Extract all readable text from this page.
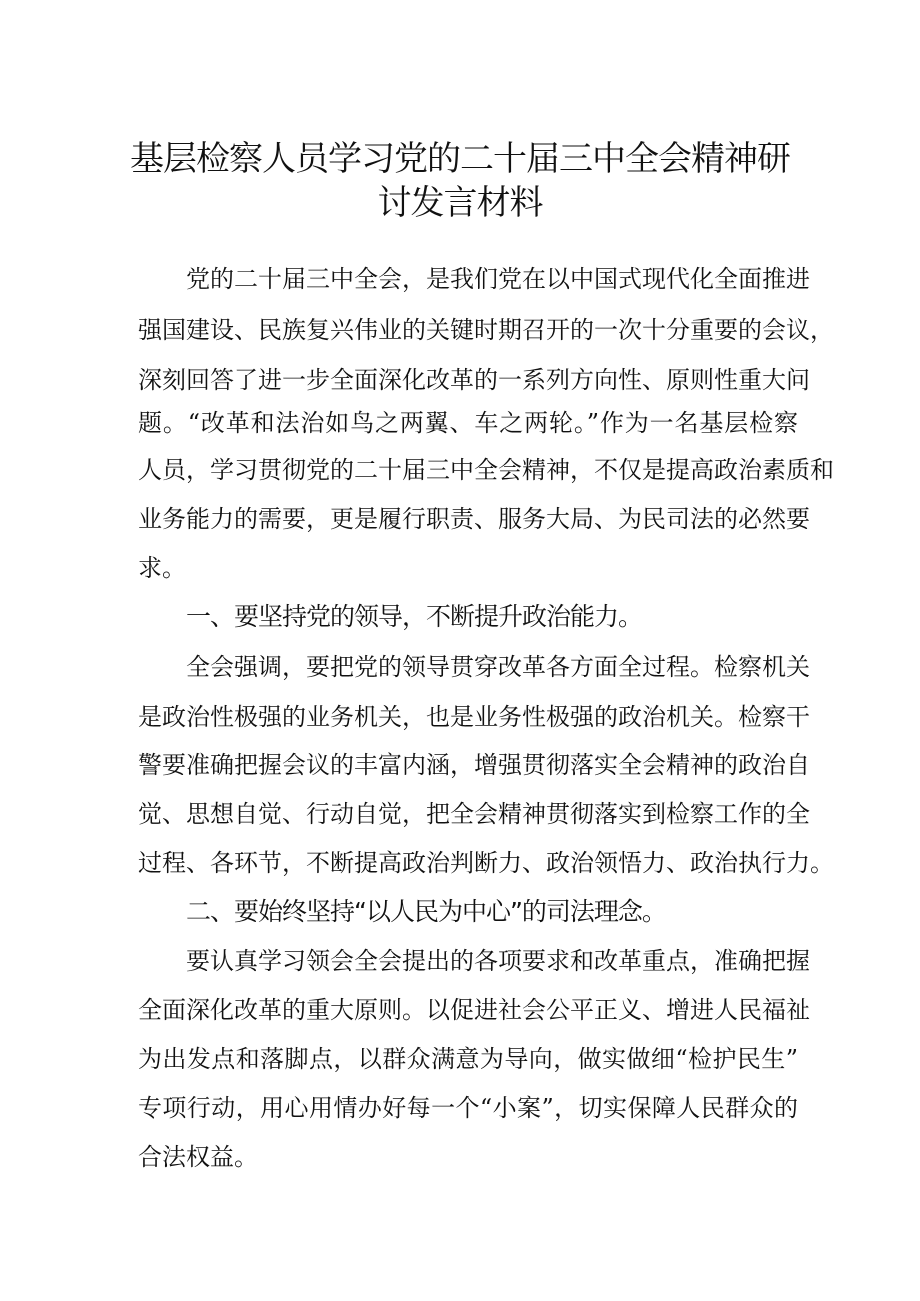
基层检察人员学习党的二十届三中全会精神研
讨发言材料
党的二十届三中全会，是我们党在以中国式现代化全面推进
强国建设、民族复兴伟业的关键时期召开的一次十分重要的会议，
深刻回答了进一步全面深化改革的一系列方向性、原则性重大问
题。“改革和法治如鸟之两翼、车之两轮。”作为一名基层检察
人员，学习贯彻党的二十届三中全会精神，不仅是提高政治素质和
业务能力的需要，更是履行职责、服务大局、为民司法的必然要
求。
一、要坚持党的领导，不断提升政治能力。
全会强调，要把党的领导贯穿改革各方面全过程。检察机关
是政治性极强的业务机关，也是业务性极强的政治机关。检察干
警要准确把握会议的丰富内涵，增强贯彻落实全会精神的政治自
觉、思想自觉、行动自觉，把全会精神贯彻落实到检察工作的全
过程、各环节，不断提高政治判断力、政治领悟力、政治执行力。
二、要始终坚持“以人民为中心”的司法理念。
要认真学习领会全会提出的各项要求和改革重点，准确把握
全面深化改革的重大原则。以促进社会公平正义、增进人民福祉
为出发点和落脚点，以群众满意为导向，做实做细“检护民生”
专项行动，用心用情办好每一个“小案”，切实保障人民群众的
合法权益。
